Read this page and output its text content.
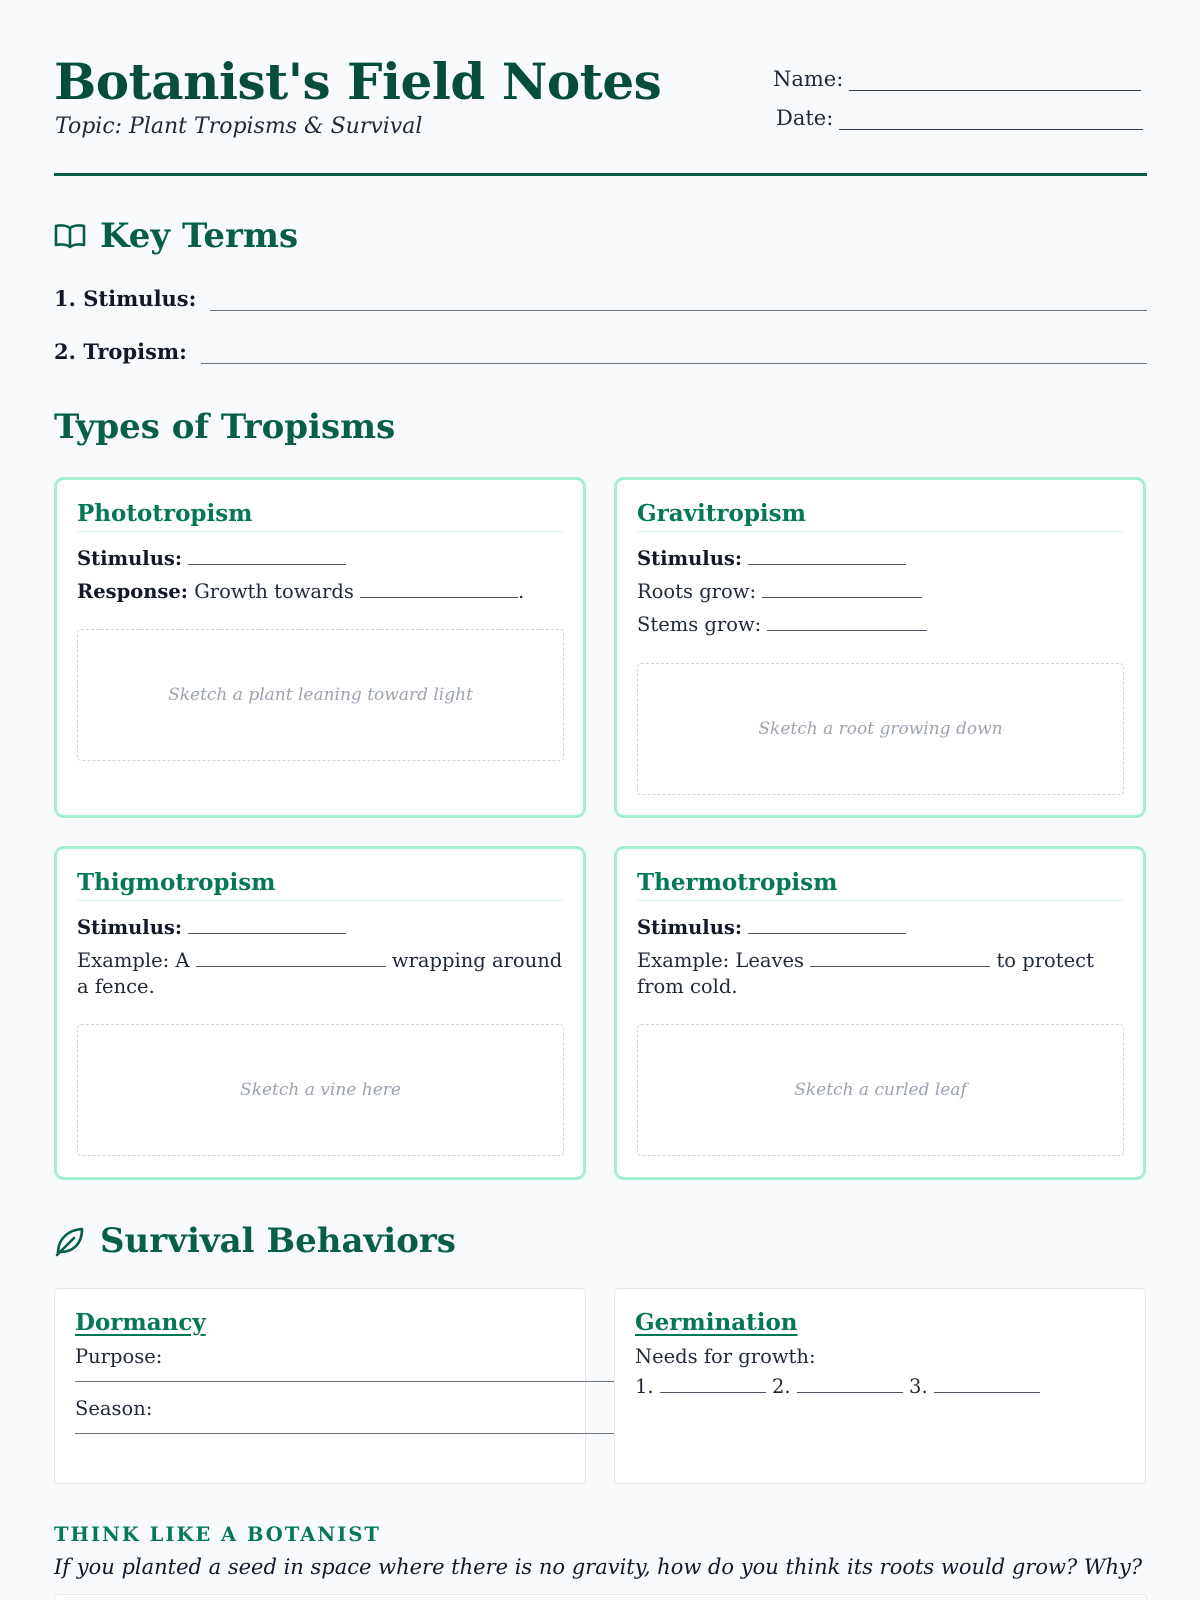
Botanist's Field Notes
Topic: Plant Tropisms & Survival
Name:
Date:
Key Terms
1. Stimulus:
2. Tropism:
Types of Tropisms
Phototropism
Stimulus:
Response: Growth towards	.
Sketch a plant leaning toward light
Gravitropism
Stimulus:
Roots grow:
Stems grow:
Sketch a root growing down
Thigmotropism
Stimulus:
Example: A	wrapping around a fence.
Sketch a vine here
Thermotropism
Stimulus:
Example: Leaves	to protect from cold.
Sketch a curled leaf
Survival Behaviors
Dormancy
Purpose:
Season:
Germination
Needs for growth:
1.	2.	3.
THINK LIKE A BOTANIST
If you planted a seed in space where there is no gravity, how do you think its roots would grow? Why?
